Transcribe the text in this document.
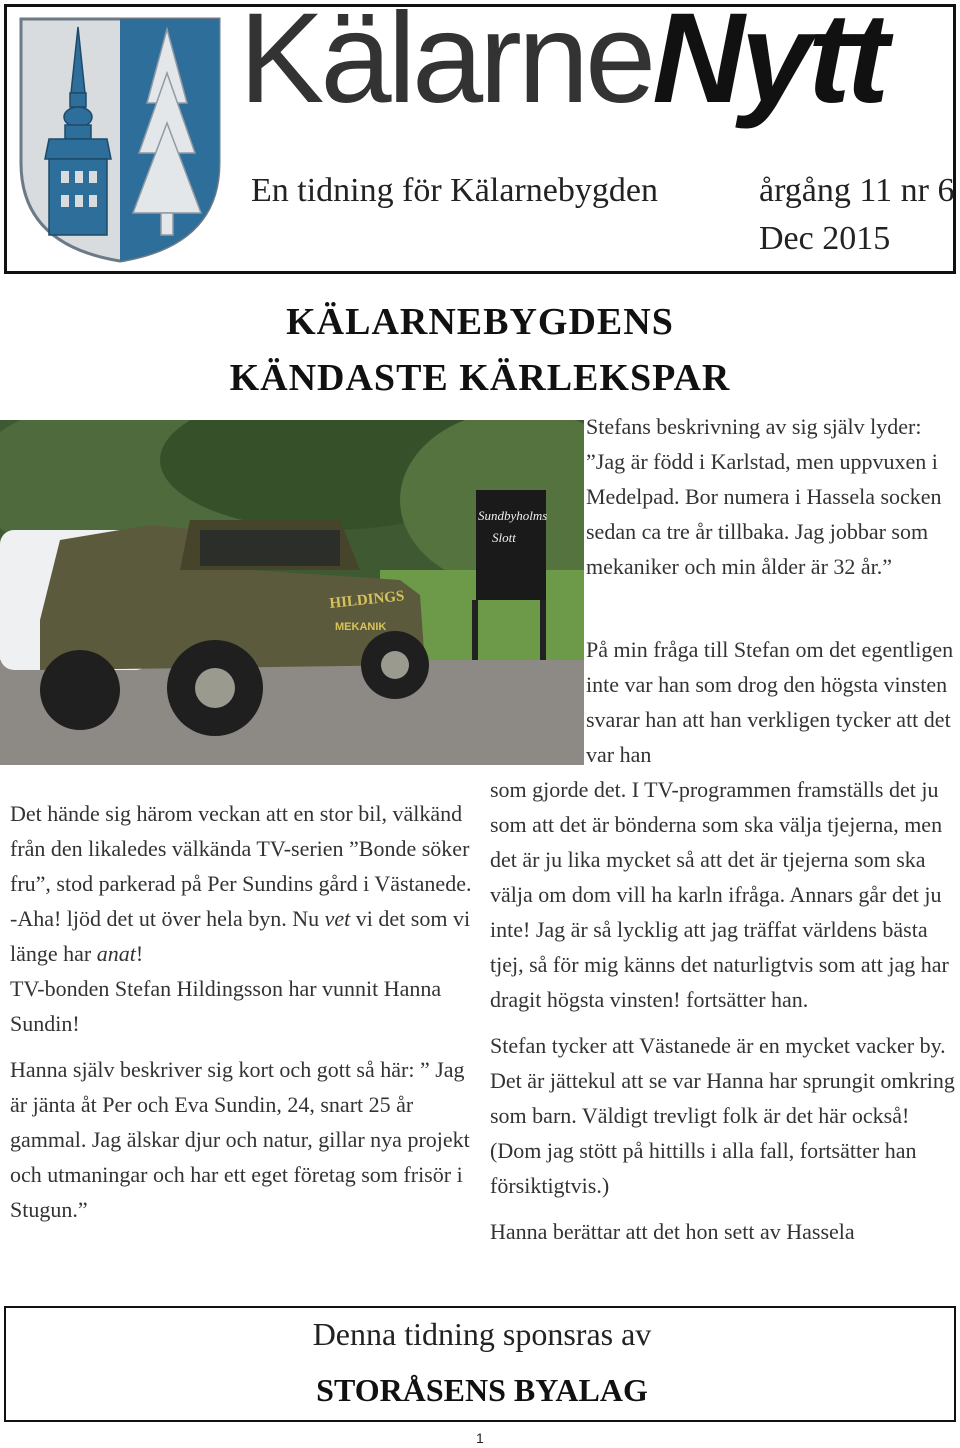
KälarneNytt
En tidning för Kälarnebygden	årgång 11 nr 6
Dec 2015
KÄLARNEBYGDENS
KÄNDASTE KÄRLEKSPAR
HILDINGS
MEKANIK
Sundbyholms
Slott

Stefans beskrivning av sig själv lyder: ”Jag är född i Karlstad, men uppvuxen i Medelpad. Bor numera i Hassela socken sedan ca tre år tillbaka. Jag jobbar som mekaniker och min ålder är 32 år.”

På min fråga till Stefan om det egentligen inte var han som drog den högsta vinsten svarar han att han verkligen tycker att det var han
som gjorde det. I TV-programmen framställs det ju som att det är bönderna som ska välja tjejerna, men det är ju lika mycket så att det är tjejerna som ska välja om dom vill ha karln ifråga. Annars går det ju inte! Jag är så lycklig att jag träffat världens bästa tjej, så för mig känns det naturligtvis som att jag har dragit högsta vinsten! fortsätter han.

Stefan tycker att Västanede är en mycket vacker by. Det är jättekul att se var Hanna har sprungit omkring som barn. Väldigt trevligt folk är det här också! (Dom jag stött på hittills i alla fall, fortsätter han försiktigtvis.)

Hanna berättar att det hon sett av Hassela

Det hände sig härom veckan att en stor bil, välkänd från den likaledes välkända TV-serien ”Bonde söker fru”, stod parkerad på Per Sundins gård i Västanede.

-Aha! ljöd det ut över hela byn. Nu vet vi det som vi länge har anat!

TV-bonden Stefan Hildingsson har vunnit Hanna Sundin!

Hanna själv beskriver sig kort och gott så här: ” Jag är jänta åt Per och Eva Sundin, 24, snart 25 år gammal. Jag älskar djur och natur, gillar nya projekt och utmaningar och har ett eget företag som frisör i Stugun.”

Denna tidning sponsras av
STORÅSENS BYALAG
1
